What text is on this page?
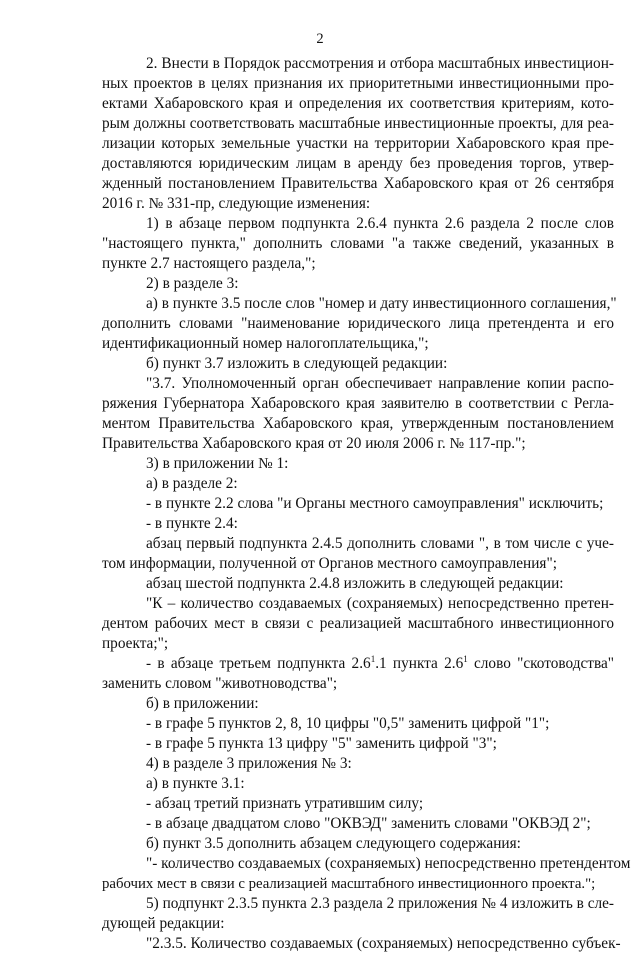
2
2. Внести в Порядок рассмотрения и отбора масштабных инвестицион-
ных проектов в целях признания их приоритетными инвестиционными про-
ектами Хабаровского края и определения их соответствия критериям, кото-
рым должны соответствовать масштабные инвестиционные проекты, для реа-
лизации которых земельные участки на территории Хабаровского края пре-
доставляются юридическим лицам в аренду без проведения торгов, утвер-
жденный постановлением Правительства Хабаровского края от 26 сентября
2016 г. № 331-пр, следующие изменения:
1) в абзаце первом подпункта 2.6.4 пункта 2.6 раздела 2 после слов
"настоящего пункта," дополнить словами "а также сведений, указанных в
пункте 2.7 настоящего раздела,";
2) в разделе 3:
а) в пункте 3.5 после слов "номер и дату инвестиционного соглашения,"
дополнить словами "наименование юридического лица претендента и его
идентификационный номер налогоплательщика,";
б) пункт 3.7 изложить в следующей редакции:
"3.7. Уполномоченный орган обеспечивает направление копии распо-
ряжения Губернатора Хабаровского края заявителю в соответствии с Регла-
ментом Правительства Хабаровского края, утвержденным постановлением
Правительства Хабаровского края от 20 июля 2006 г. № 117-пр.";
3) в приложении № 1:
а) в разделе 2:
- в пункте 2.2 слова "и Органы местного самоуправления" исключить;
- в пункте 2.4:
абзац первый подпункта 2.4.5 дополнить словами ", в том числе с уче-
том информации, полученной от Органов местного самоуправления";
абзац шестой подпункта 2.4.8 изложить в следующей редакции:
"К – количество создаваемых (сохраняемых) непосредственно претен-
дентом рабочих мест в связи с реализацией масштабного инвестиционного
проекта;";
- в абзаце третьем подпункта $2.6^1.1$ пункта $2.6^1$ слово "скотоводства"
заменить словом "животноводства";
б) в приложении:
- в графе 5 пунктов 2, 8, 10 цифры "0,5" заменить цифрой "1";
- в графе 5 пункта 13 цифру "5" заменить цифрой "3";
4) в разделе 3 приложения № 3:
а) в пункте 3.1:
- абзац третий признать утратившим силу;
- в абзаце двадцатом слово "ОКВЭД" заменить словами "ОКВЭД 2";
б) пункт 3.5 дополнить абзацем следующего содержания:
"- количество создаваемых (сохраняемых) непосредственно претендентом
рабочих мест в связи с реализацией масштабного инвестиционного проекта.";
5) подпункт 2.3.5 пункта 2.3 раздела 2 приложения № 4 изложить в сле-
дующей редакции:
"2.3.5. Количество создаваемых (сохраняемых) непосредственно субъек-
